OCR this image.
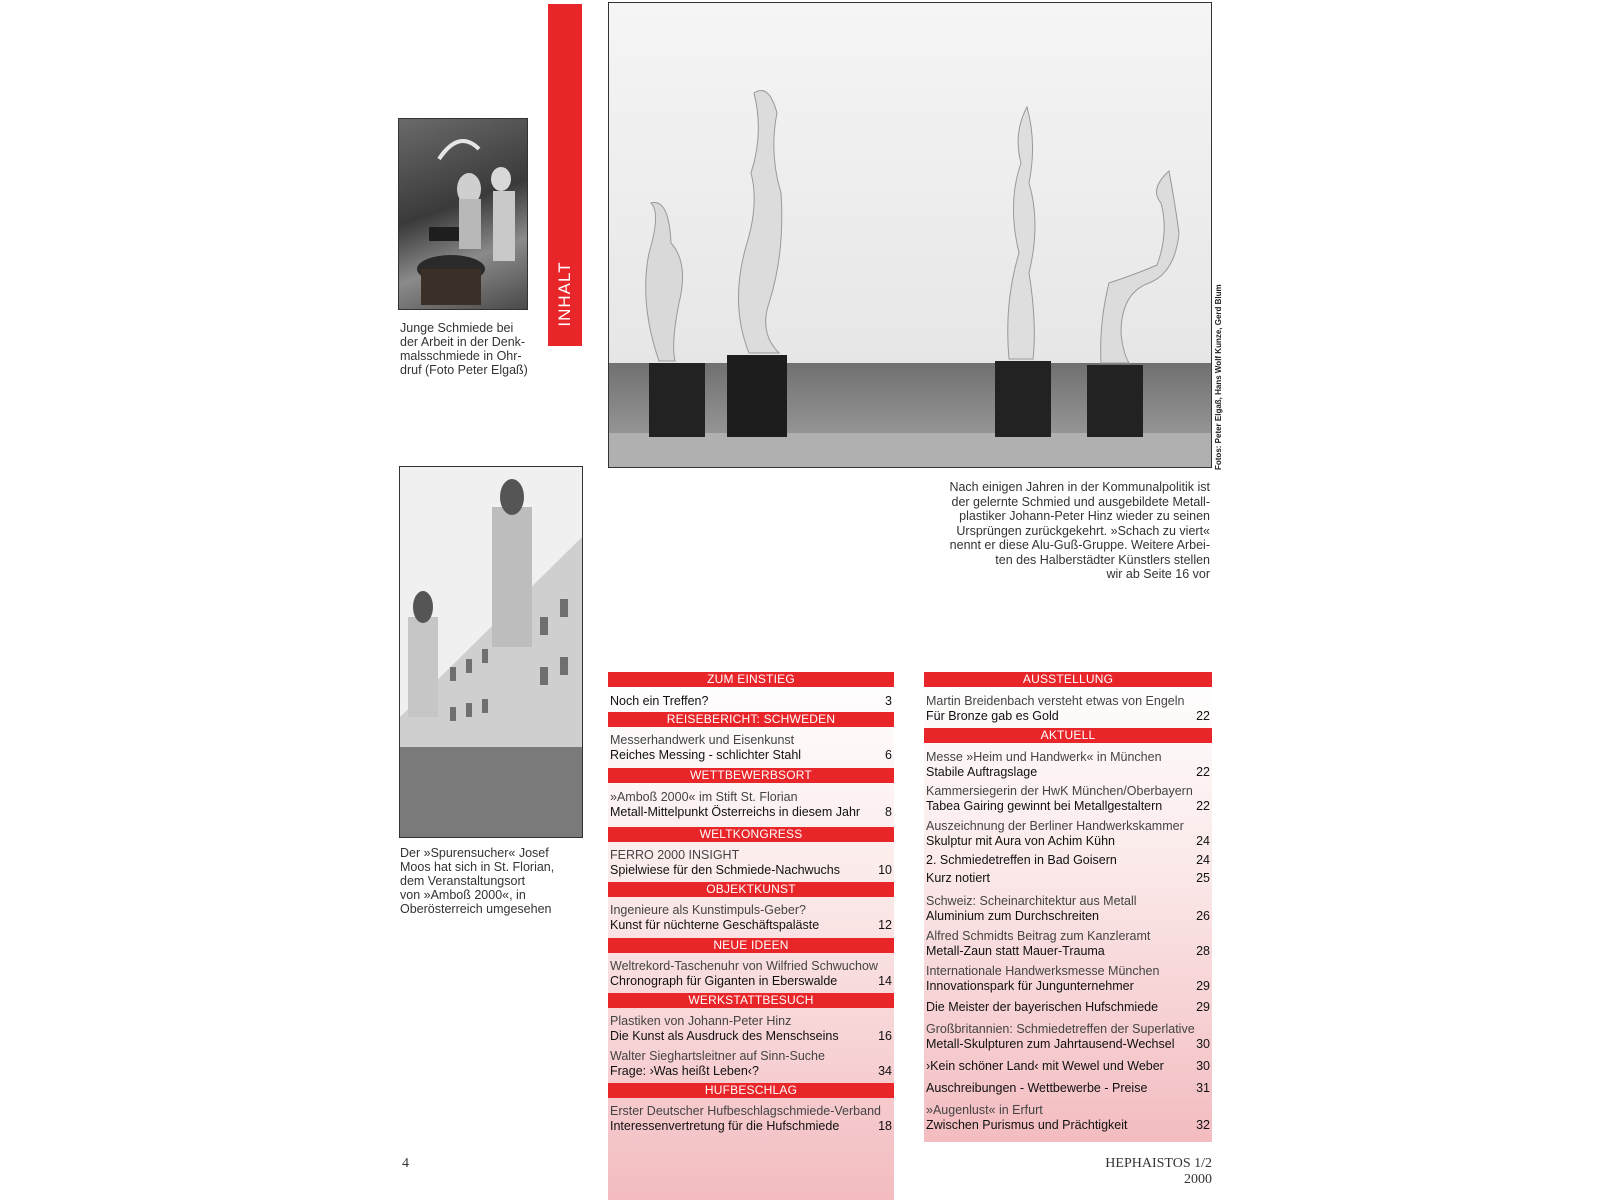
Junge Schmiede bei
der Arbeit in der Denk-
malsschmiede in Ohr-
druf (Foto Peter Elgaß)
INHALT	Fotos: Peter Elgaß, Hans Wolf Kunze, Gerd Blum
Nach einigen Jahren in der Kommunalpolitik ist
der gelernte Schmied und ausgebildete Metall-
plastiker Johann-Peter Hinz wieder zu seinen
Ursprüngen zurückgekehrt. »Schach zu viert«
nennt er diese Alu-Guß-Gruppe. Weitere Arbei-
ten des Halberstädter Künstlers stellen
wir ab Seite 16 vor
Der »Spurensucher« Josef
Moos hat sich in St. Florian,
dem Veranstaltungsort
von »Amboß 2000«, in
Oberösterreich umgesehen
ZUM EINSTIEG
Noch ein Treffen?	3
REISEBERICHT: SCHWEDEN
Messerhandwerk und Eisenkunst
Reiches Messing - schlichter Stahl	6
WETTBEWERBSORT
»Amboß 2000« im Stift St. Florian
Metall-Mittelpunkt Österreichs in diesem Jahr	8
WELTKONGRESS
FERRO 2000 INSIGHT
Spielwiese für den Schmiede-Nachwuchs	10
OBJEKTKUNST
Ingenieure als Kunstimpuls-Geber?
Kunst für nüchterne Geschäftspaläste	12
NEUE IDEEN
Weltrekord-Taschenuhr von Wilfried Schwuchow
Chronograph für Giganten in Eberswalde	14
WERKSTATTBESUCH
Plastiken von Johann-Peter Hinz
Die Kunst als Ausdruck des Menschseins	16
Walter Sieghartsleitner auf Sinn-Suche
Frage: ›Was heißt Leben‹?	34
HUFBESCHLAG
Erster Deutscher Hufbeschlagschmiede-Verband
Interessenvertretung für die Hufschmiede	18
AUSSTELLUNG
Martin Breidenbach versteht etwas von Engeln
Für Bronze gab es Gold	22
AKTUELL
Messe »Heim und Handwerk« in München
Stabile Auftragslage	22
Kammersiegerin der HwK München/Oberbayern
Tabea Gairing gewinnt bei Metallgestaltern	22
Auszeichnung der Berliner Handwerkskammer
Skulptur mit Aura von Achim Kühn	24
2. Schmiedetreffen in Bad Goisern	24
Kurz notiert	25
Schweiz: Scheinarchitektur aus Metall
Aluminium zum Durchschreiten	26
Alfred Schmidts Beitrag zum Kanzleramt
Metall-Zaun statt Mauer-Trauma	28
Internationale Handwerksmesse München
Innovationspark für Jungunternehmer	29
Die Meister der bayerischen Hufschmiede	29
Großbritannien: Schmiedetreffen der Superlative
Metall-Skulpturen zum Jahrtausend-Wechsel	30
›Kein schöner Land‹ mit Wewel und Weber	30
Auschreibungen - Wettbewerbe - Preise	31
»Augenlust« in Erfurt
Zwischen Purismus und Prächtigkeit	32
4	HEPHAISTOS 1/2 2000
